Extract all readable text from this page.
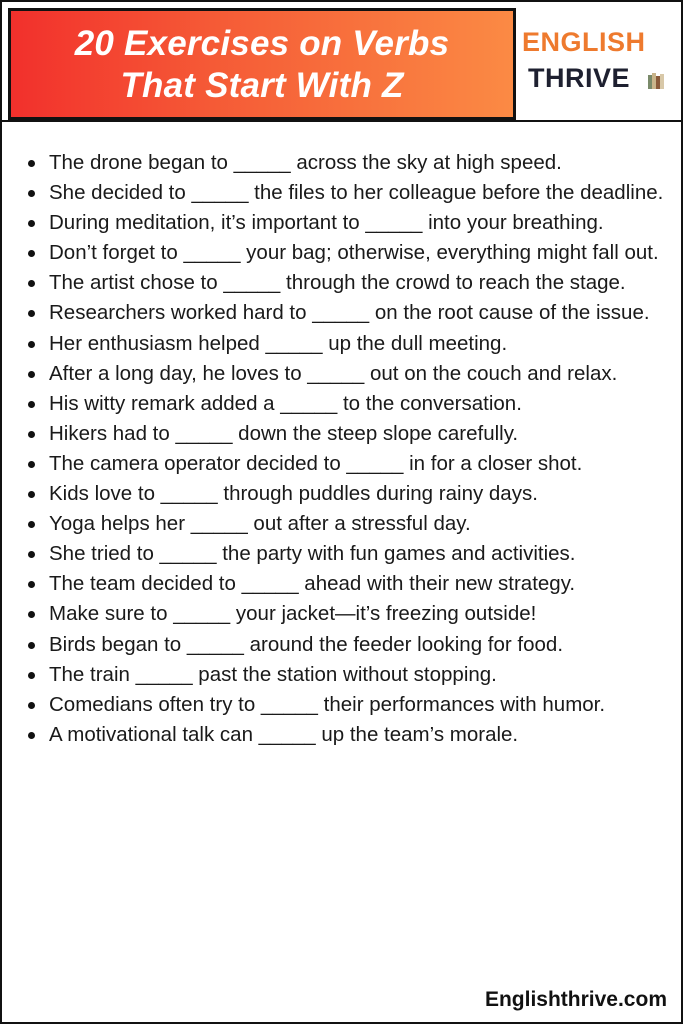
20 Exercises on Verbs
That Start With Z
ENGLISH
THRIVE
The drone began to _____ across the sky at high speed.
She decided to _____ the files to her colleague before the deadline.
During meditation, it’s important to _____ into your breathing.
Don’t forget to _____ your bag; otherwise, everything might fall out.
The artist chose to _____ through the crowd to reach the stage.
Researchers worked hard to _____ on the root cause of the issue.
Her enthusiasm helped _____ up the dull meeting.
After a long day, he loves to _____ out on the couch and relax.
His witty remark added a _____ to the conversation.
Hikers had to _____ down the steep slope carefully.
The camera operator decided to _____ in for a closer shot.
Kids love to _____ through puddles during rainy days.
Yoga helps her _____ out after a stressful day.
She tried to _____ the party with fun games and activities.
The team decided to _____ ahead with their new strategy.
Make sure to _____ your jacket—it’s freezing outside!
Birds began to _____ around the feeder looking for food.
The train _____ past the station without stopping.
Comedians often try to _____ their performances with humor.
A motivational talk can _____ up the team’s morale.
Englishthrive.com
